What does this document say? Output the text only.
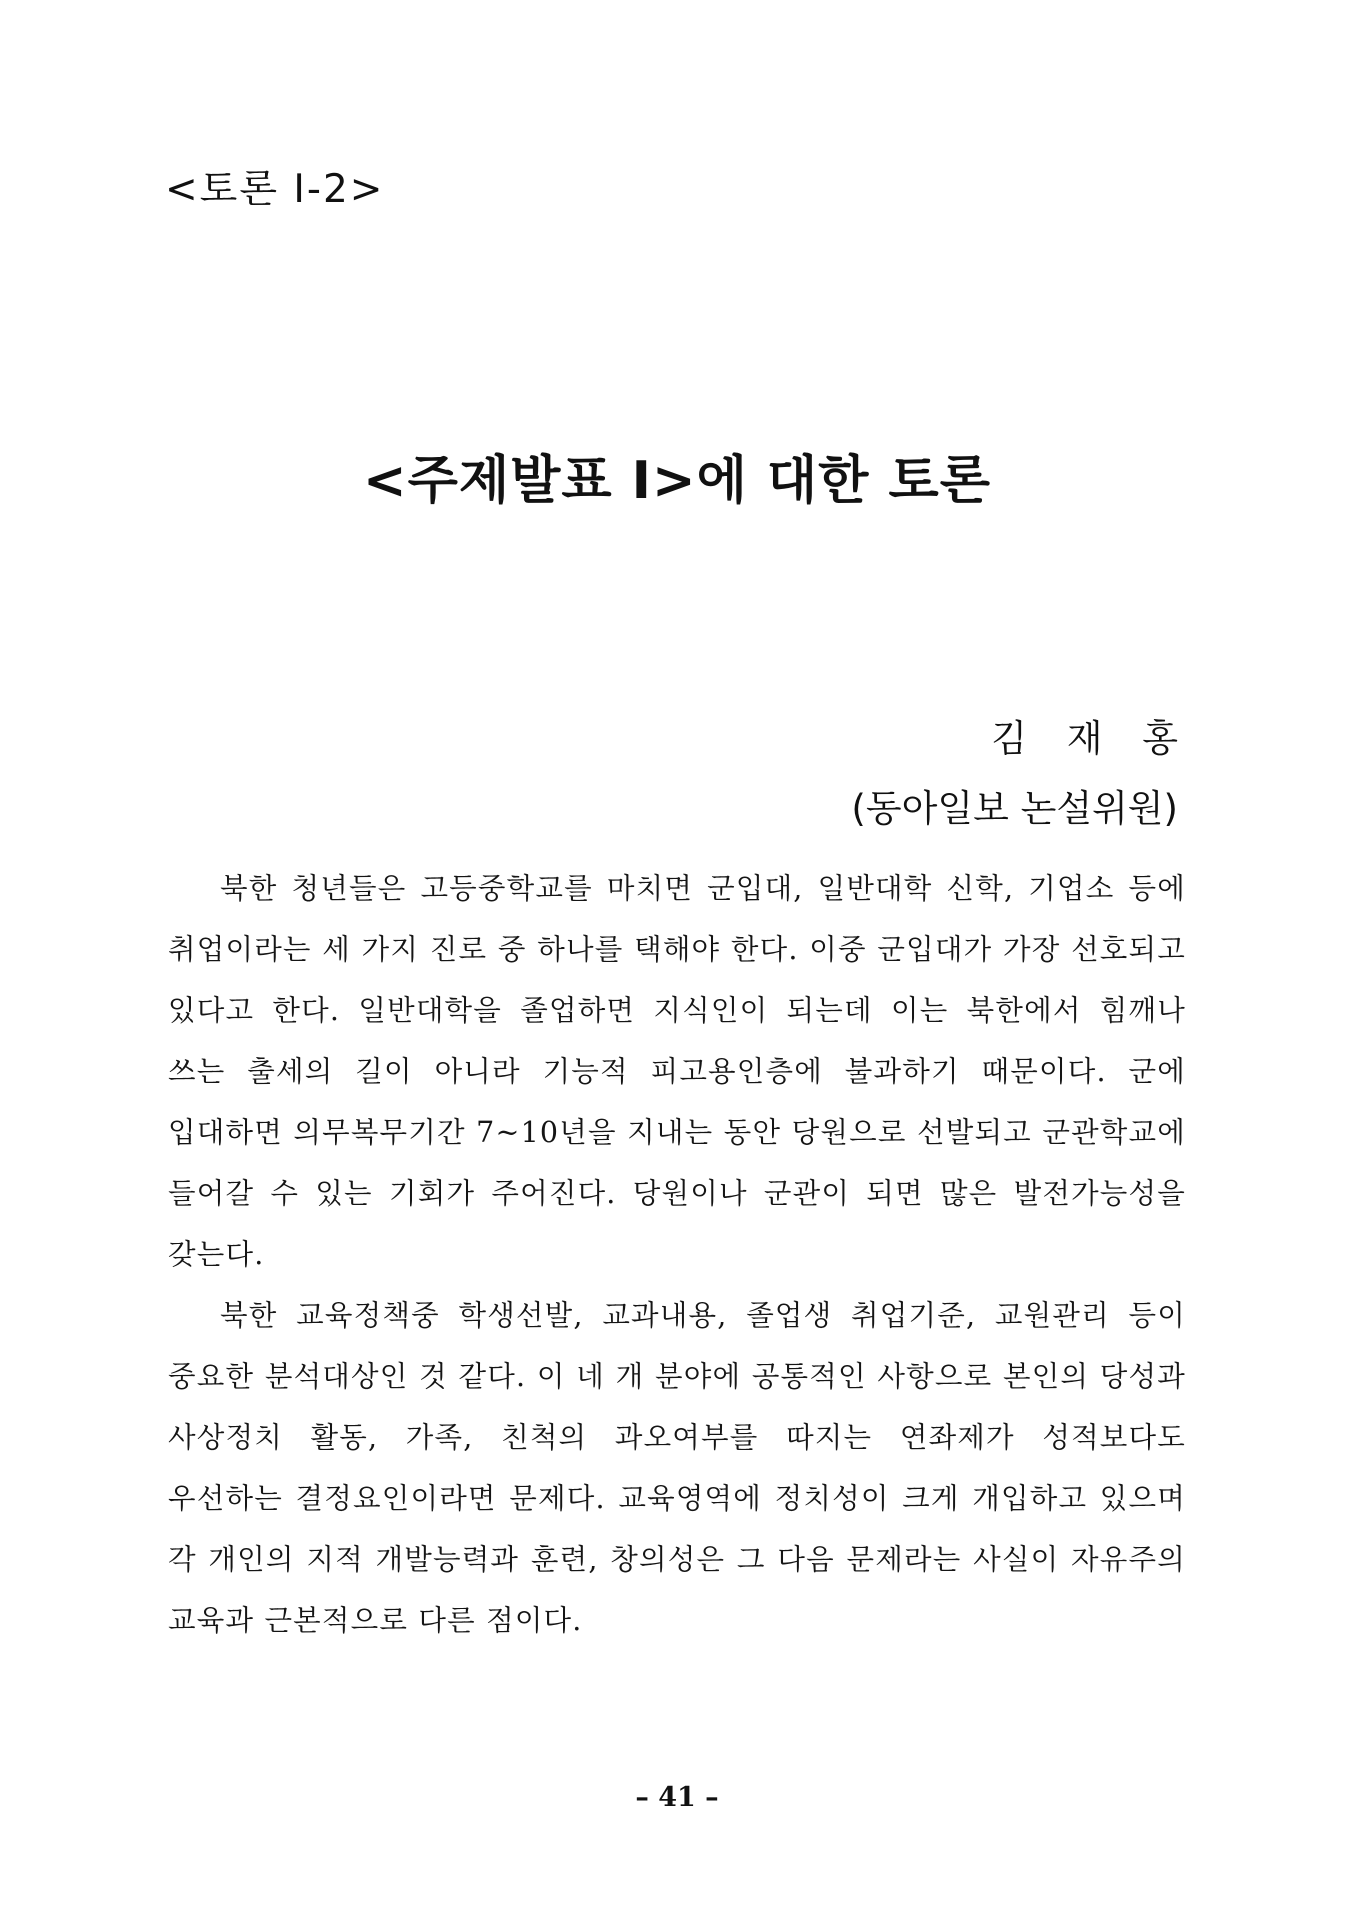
<토론 Ⅰ-2>
<주제발표 Ⅰ>에 대한 토론
김 재 홍
(동아일보 논설위원)

북한 청년들은 고등중학교를 마치면 군입대, 일반대학 신학, 기업소 등에 취업이라는 세 가지 진로 중 하나를 택해야 한다. 이중 군입대가 가장 선호되고 있다고 한다. 일반대학을 졸업하면 지식인이 되는데 이는 북한에서 힘깨나 쓰는 출세의 길이 아니라 기능적 피고용인층에 불과하기 때문이다. 군에 입대하면 의무복무기간 7~10년을 지내는 동안 당원으로 선발되고 군관학교에 들어갈 수 있는 기회가 주어진다. 당원이나 군관이 되면 많은 발전가능성을 갖는다.

북한 교육정책중 학생선발, 교과내용, 졸업생 취업기준, 교원관리 등이 중요한 분석대상인 것 같다. 이 네 개 분야에 공통적인 사항으로 본인의 당성과 사상정치 활동, 가족, 친척의 과오여부를 따지는 연좌제가 성적보다도 우선하는 결정요인이라면 문제다. 교육영역에 정치성이 크게 개입하고 있으며 각 개인의 지적 개발능력과 훈련, 창의성은 그 다음 문제라는 사실이 자유주의 교육과 근본적으로 다른 점이다.

– 41 –
